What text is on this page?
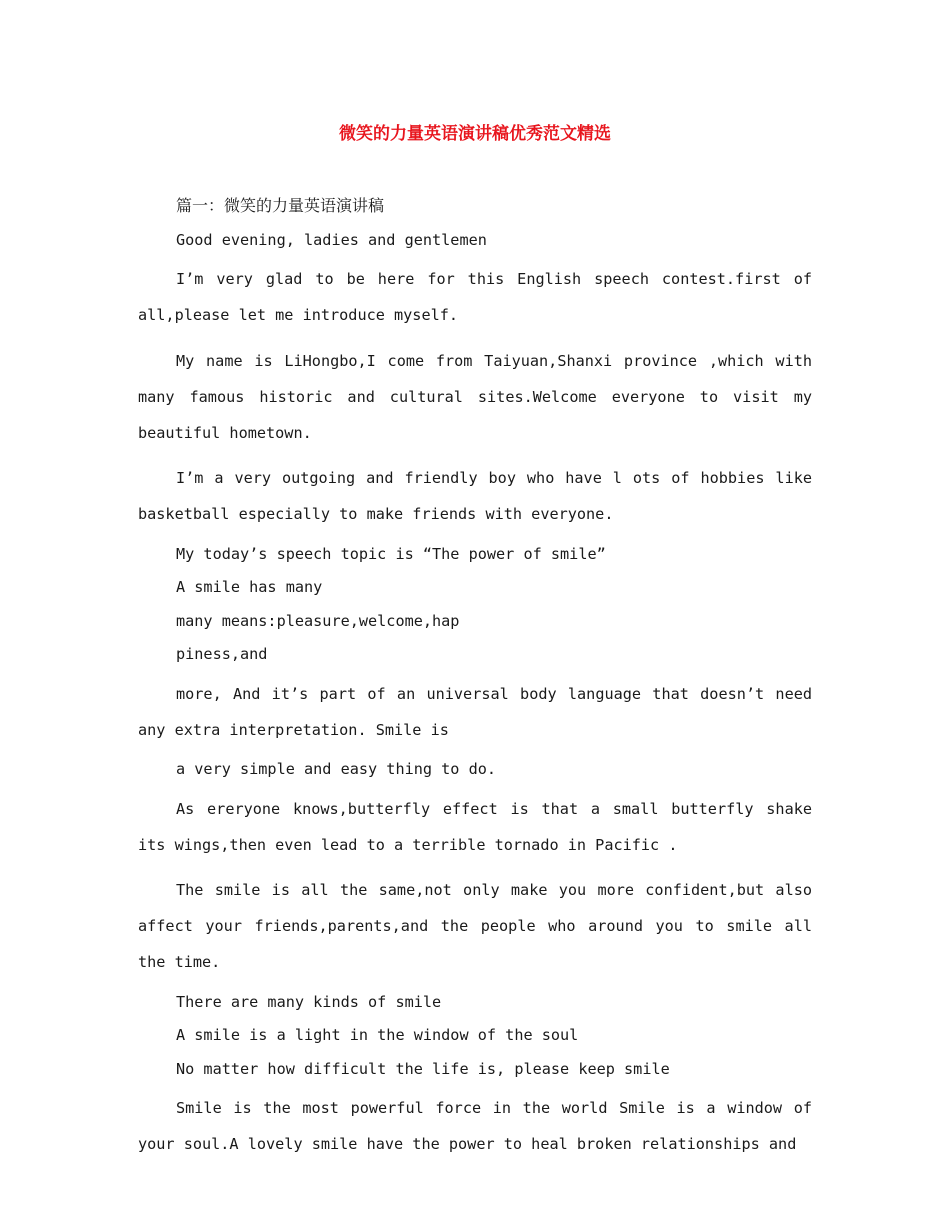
微笑的力量英语演讲稿优秀范文精选

篇一：微笑的力量英语演讲稿

Good evening, ladies and gentlemen

I’m very glad to be here for this English speech contest.first of all,please let me introduce myself.

My name is LiHongbo,I come from Taiyuan,Shanxi province ,which with many famous historic and cultural sites.Welcome everyone to visit my beautiful hometown.

I’m a very outgoing and friendly boy who have l ots of hobbies like basketball especially to make friends with everyone.

My today’s speech topic is “The power of smile”

A smile has many

many means:pleasure,welcome,hap

piness,and

more, And it’s part of an universal body language that doesn’t need any extra interpretation. Smile is

a very simple and easy thing to do.

As ereryone knows,butterfly effect is that a small butterfly shake its wings,then even lead to a terrible tornado in Pacific .

The smile is all the same,not only make you more confident,but also affect your friends,parents,and the people who around you to smile all the time.

There are many kinds of smile

A smile is a light in the window of the soul

No matter how difficult the life is, please keep smile

Smile is the most powerful force in the world Smile is a window of your soul.A lovely smile have the power to heal broken relationships and
